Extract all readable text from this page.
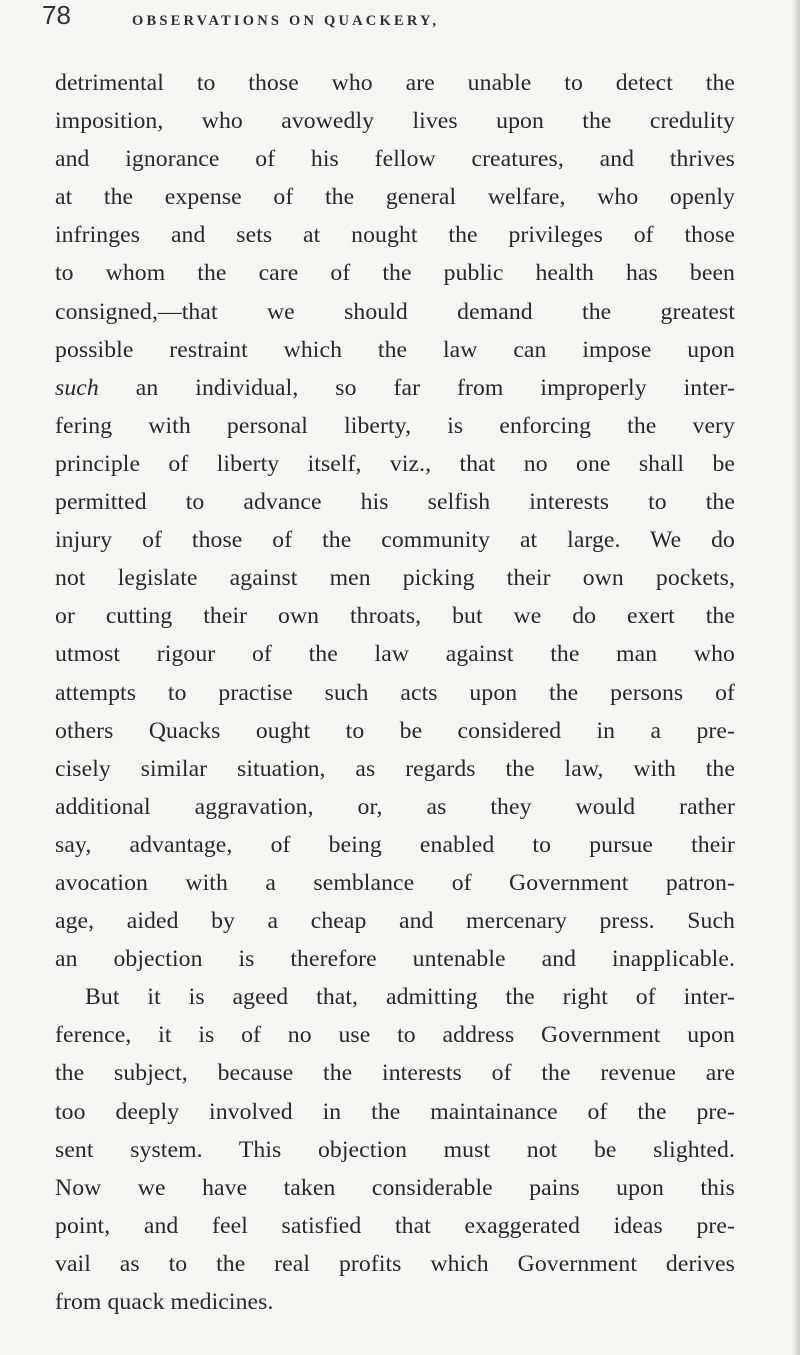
78	OBSERVATIONS ON QUACKERY,
detrimental to those who are unable to detect the
imposition, who avowedly lives upon the credulity
and ignorance of his fellow creatures, and thrives
at the expense of the general welfare, who openly
infringes and sets at nought the privileges of those
to whom the care of the public health has been
consigned,—that we should demand the greatest
possible restraint which the law can impose upon
such an individual, so far from improperly inter-
fering with personal liberty, is enforcing the very
principle of liberty itself, viz., that no one shall be
permitted to advance his selfish interests to the
injury of those of the community at large. We do
not legislate against men picking their own pockets,
or cutting their own throats, but we do exert the
utmost rigour of the law against the man who
attempts to practise such acts upon the persons of
others Quacks ought to be considered in a pre-
cisely similar situation, as regards the law, with the
additional aggravation, or, as they would rather
say, advantage, of being enabled to pursue their
avocation with a semblance of Government patron-
age, aided by a cheap and mercenary press. Such
an objection is therefore untenable and inapplicable.
But it is ageed that, admitting the right of inter-
ference, it is of no use to address Government upon
the subject, because the interests of the revenue are
too deeply involved in the maintainance of the pre-
sent system. This objection must not be slighted.
Now we have taken considerable pains upon this
point, and feel satisfied that exaggerated ideas pre-
vail as to the real profits which Government derives
from quack medicines.
